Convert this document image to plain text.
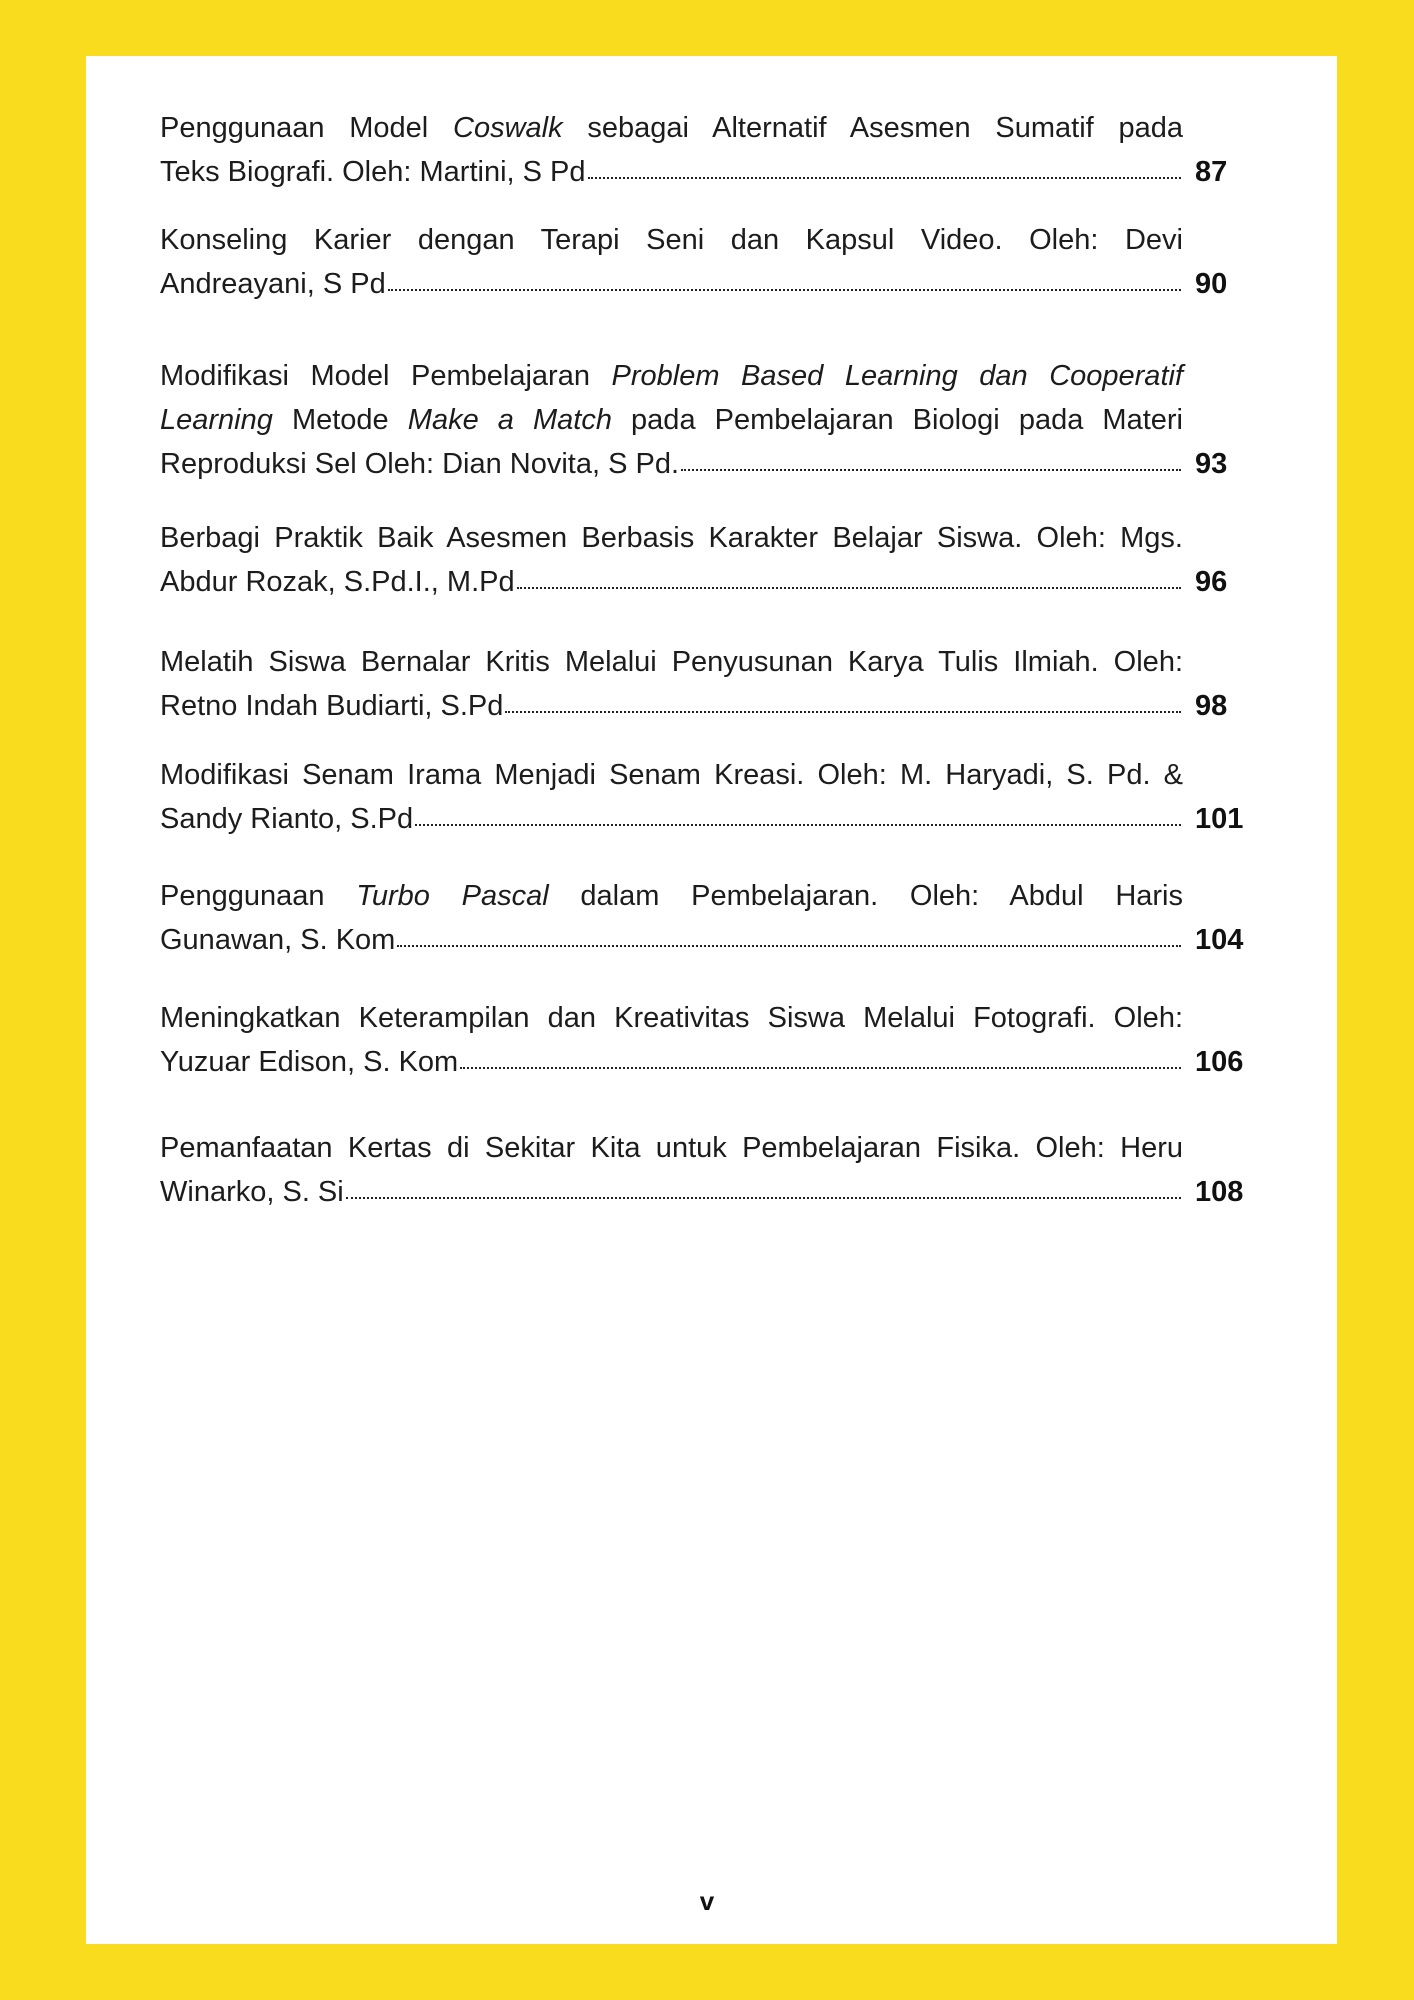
Penggunaan Model Coswalk sebagai Alternatif Asesmen Sumatif pada
Teks Biografi. Oleh: Martini, S Pd	87
Konseling Karier dengan Terapi Seni dan Kapsul Video. Oleh: Devi
Andreayani, S Pd	90
Modifikasi Model Pembelajaran Problem Based Learning dan Cooperatif
Learning Metode Make a Match pada Pembelajaran Biologi pada Materi
Reproduksi Sel Oleh: Dian Novita, S Pd.	93
Berbagi Praktik Baik Asesmen Berbasis Karakter Belajar Siswa. Oleh: Mgs.
Abdur Rozak, S.Pd.I., M.Pd	96
Melatih Siswa Bernalar Kritis Melalui Penyusunan Karya Tulis Ilmiah. Oleh:
Retno Indah Budiarti, S.Pd	98
Modifikasi Senam Irama Menjadi Senam Kreasi. Oleh: M. Haryadi, S. Pd. &
Sandy Rianto, S.Pd	101
Penggunaan Turbo Pascal dalam Pembelajaran. Oleh: Abdul Haris
Gunawan, S. Kom	104
Meningkatkan Keterampilan dan Kreativitas Siswa Melalui Fotografi. Oleh:
Yuzuar Edison, S. Kom	106
Pemanfaatan Kertas di Sekitar Kita untuk Pembelajaran Fisika. Oleh: Heru
Winarko, S. Si	108
v
